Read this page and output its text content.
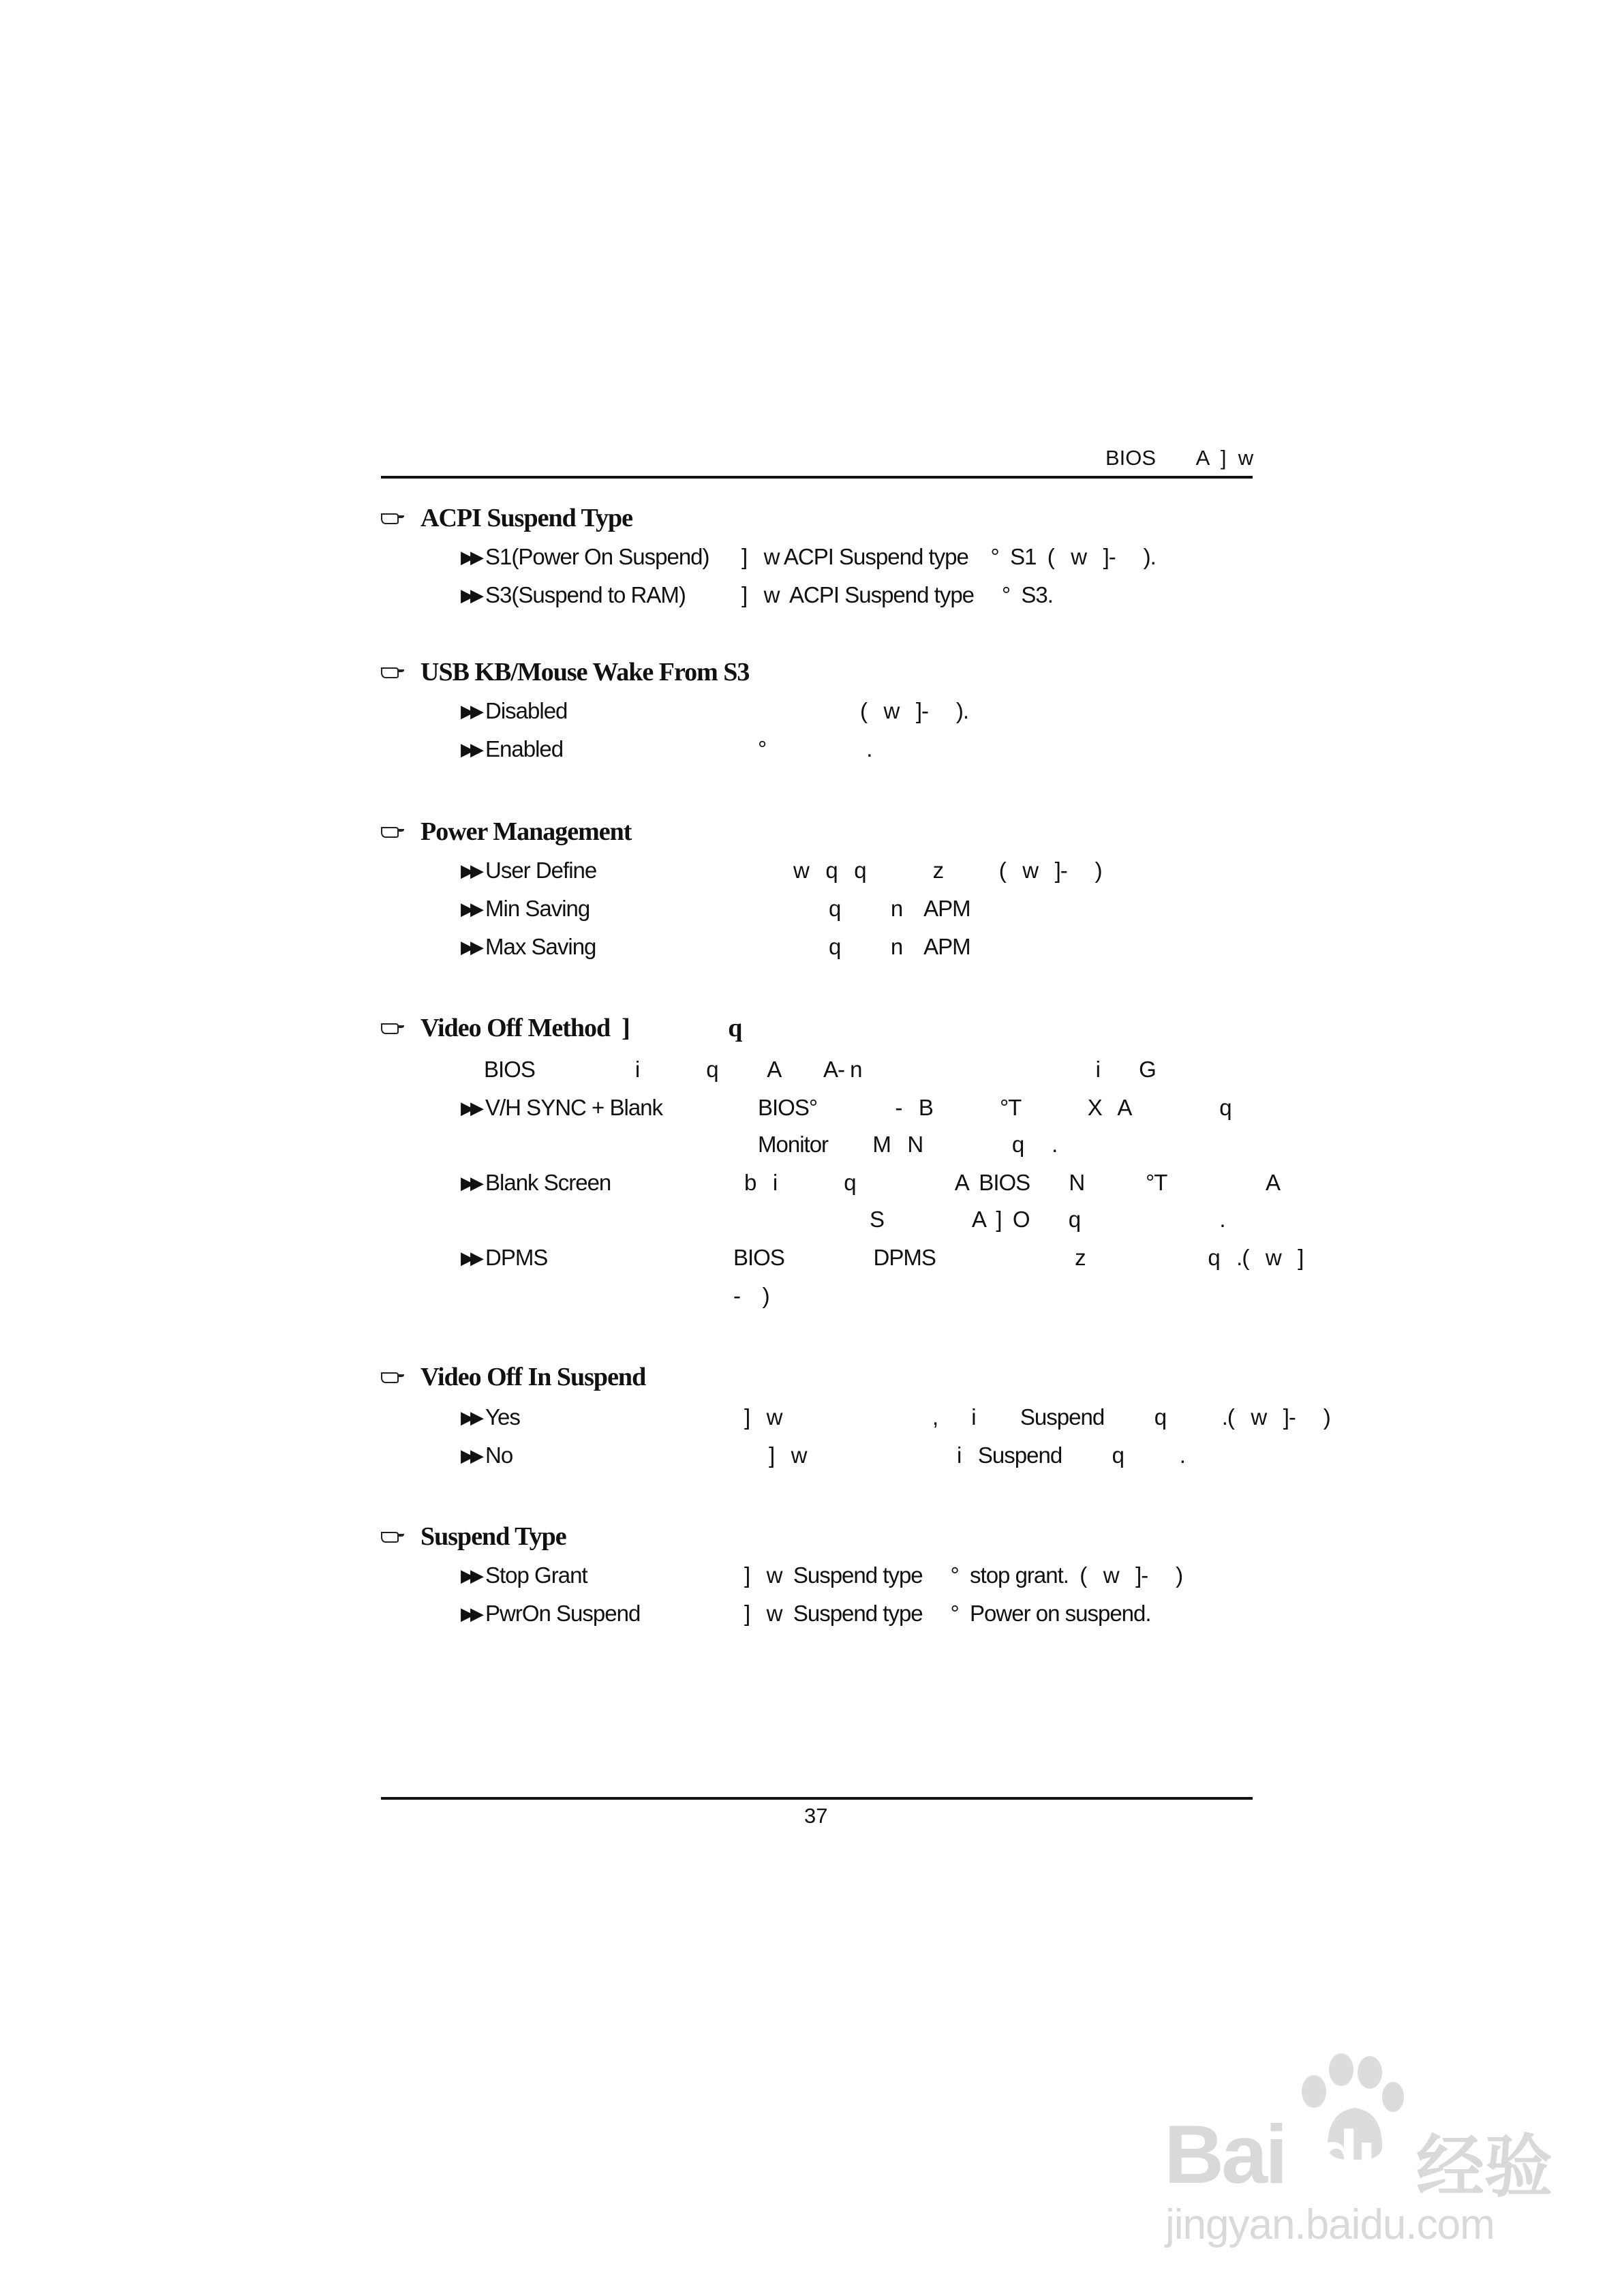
BIOS       A  ]  w
ACPI Suspend Type
▶▶ S1(Power On Suspend) ]   w ACPI Suspend type    °  S1  (   w   ]-     ).
▶▶ S3(Suspend to RAM) ]   w  ACPI Suspend type     °  S3.
USB KB/Mouse Wake From S3
▶▶ Disabled	(   w   ]-     ).
▶▶ Enabled	°                  .
Power Management
▶▶ User Define	w   q   q            z          (   w   ]-     )
▶▶ Min Saving	q         n    APM
▶▶ Max Saving	q         n    APM
Video Off Method  ]                 q
BIOS                  i            q         A        A- n                                          i       G
▶▶ V/H SYNC + Blank	BIOS°              -   B            °T            X   A                q
Monitor        M   N                q     .
▶▶ Blank Screen	b   i            q                  A  BIOS       N           °T                  A
S                A  ]  O       q                         .
▶▶ DPMS	BIOS                DPMS                         z                      q   .(   w   ]
-    )
Video Off In Suspend
▶▶ Yes	]   w                           ,      i        Suspend         q          .(   w   ]-     )
▶▶ No	]   w                           i   Suspend         q          .
Suspend Type
▶▶ Stop Grant	]   w  Suspend type     °  stop grant.  (   w   ]-     )
▶▶ PwrOn Suspend	]   w  Suspend type     °  Power on suspend.
37
Bai du 经验
jingyan.baidu.com
